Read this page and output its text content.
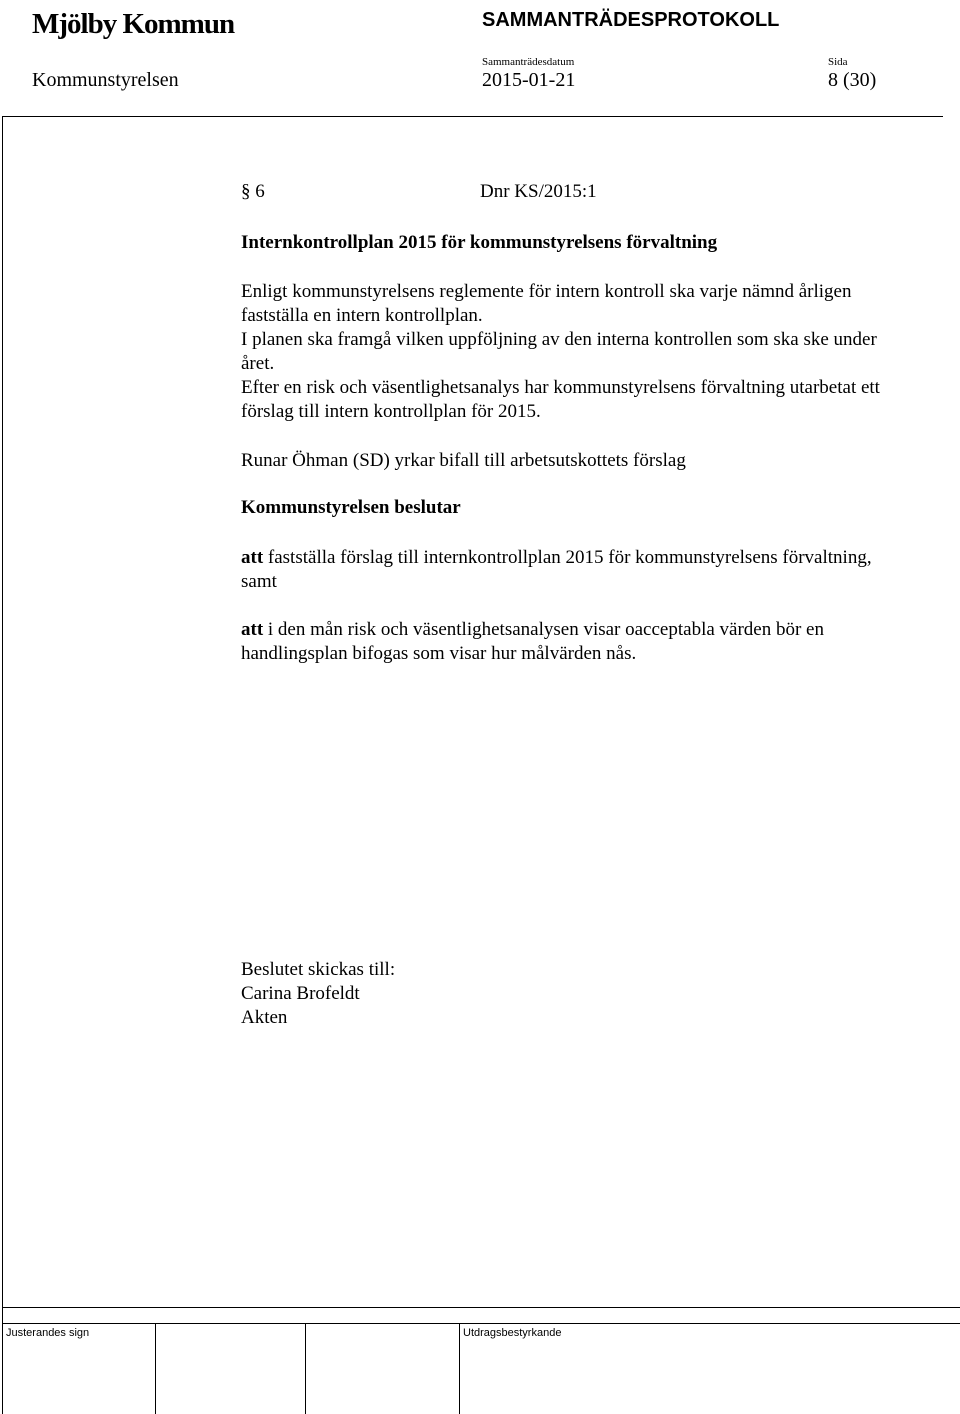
Mjölby Kommun	SAMMANTRÄDESPROTOKOLL
Sammanträdesdatum	Sida
Kommunstyrelsen	2015-01-21	8 (30)
§ 6	Dnr KS/2015:1

Internkontrollplan 2015 för kommunstyrelsens förvaltning

Enligt kommunstyrelsens reglemente för intern kontroll ska varje nämnd årligen fastställa en intern kontrollplan.

I planen ska framgå vilken uppföljning av den interna kontrollen som ska ske under året.

Efter en risk och väsentlighetsanalys har kommunstyrelsens förvaltning utarbetat ett förslag till intern kontrollplan för 2015.

Runar Öhman (SD) yrkar bifall till arbetsutskottets förslag

Kommunstyrelsen beslutar

att fastställa förslag till internkontrollplan 2015 för kommunstyrelsens förvaltning, samt

att i den mån risk och väsentlighetsanalysen visar oacceptabla värden bör en handlingsplan bifogas som visar hur målvärden nås.

Beslutet skickas till:
Carina Brofeldt
Akten
Justerandes sign	Utdragsbestyrkande
